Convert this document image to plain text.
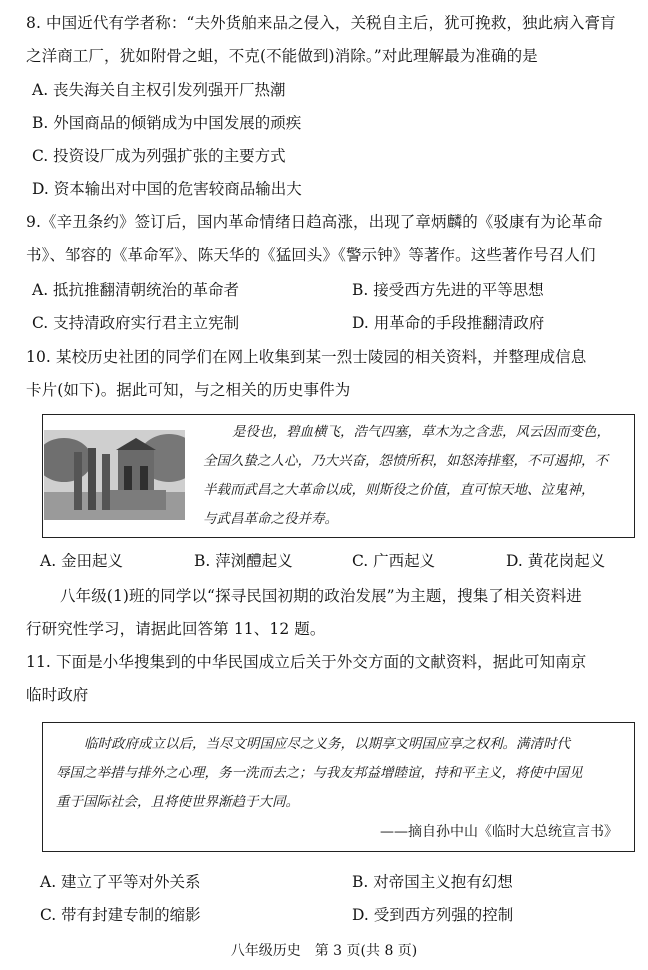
8. 中国近代有学者称：“夫外货舶来品之侵入，关税自主后，犹可挽救，独此病入膏肓
之洋商工厂，犹如附骨之蛆，不克(不能做到)消除。”对此理解最为准确的是
A. 丧失海关自主权引发列强开厂热潮
B. 外国商品的倾销成为中国发展的顽疾
C. 投资设厂成为列强扩张的主要方式
D. 资本输出对中国的危害较商品输出大
9.《辛丑条约》签订后，国内革命情绪日趋高涨，出现了章炳麟的《驳康有为论革命
书》、邹容的《革命军》、陈天华的《猛回头》《警示钟》等著作。这些著作号召人们
A. 抵抗推翻清朝统治的革命者	B. 接受西方先进的平等思想
C. 支持清政府实行君主立宪制	D. 用革命的手段推翻清政府
10. 某校历史社团的同学们在网上收集到某一烈士陵园的相关资料，并整理成信息
卡片(如下)。据此可知，与之相关的历史事件为
是役也，碧血横飞，浩气四塞，草木为之含悲，风云因而变色，
全国久蛰之人心，乃大兴奋，怨愤所积，如怒涛排壑，不可遏抑，不
半载而武昌之大革命以成，则斯役之价值，直可惊天地、泣鬼神，
与武昌革命之役并寿。
A. 金田起义	B. 萍浏醴起义	C. 广西起义	D. 黄花岗起义
八年级(1)班的同学以“探寻民国初期的政治发展”为主题，搜集了相关资料进
行研究性学习，请据此回答第 11、12 题。
11. 下面是小华搜集到的中华民国成立后关于外交方面的文献资料，据此可知南京
临时政府
临时政府成立以后，当尽文明国应尽之义务，以期享文明国应享之权利。满清时代
辱国之举措与排外之心理，务一洗而去之；与我友邦益增睦谊，持和平主义，将使中国见
重于国际社会，且将使世界渐趋于大同。
——摘自孙中山《临时大总统宣言书》
A. 建立了平等对外关系	B. 对帝国主义抱有幻想
C. 带有封建专制的缩影	D. 受到西方列强的控制
八年级历史　第 3 页(共 8 页)
